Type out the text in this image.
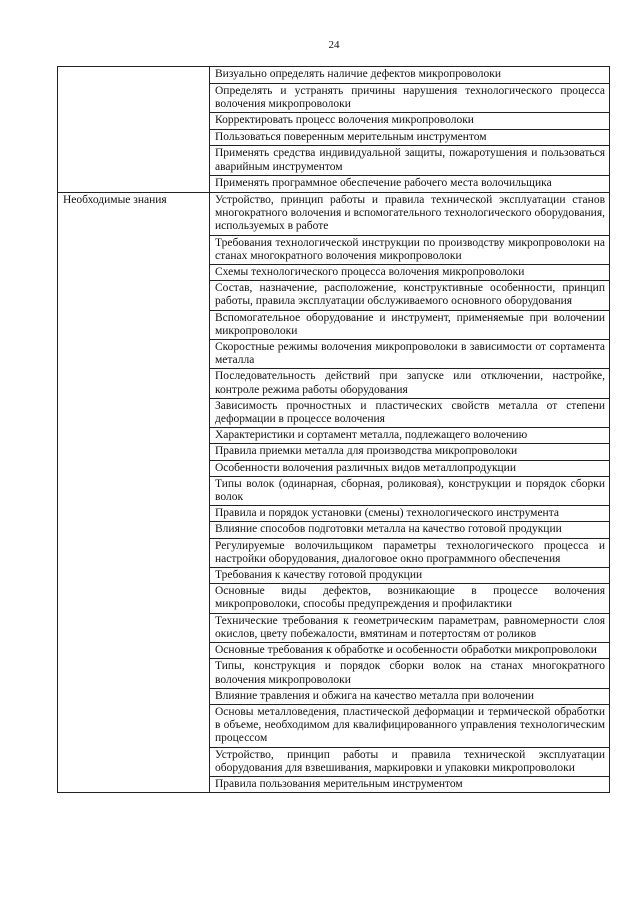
24
	Визуально определять наличие дефектов микропроволоки
	Определять и устранять причины нарушения технологического процесса волочения микропроволоки
	Корректировать процесс волочения микропроволоки
	Пользоваться поверенным мерительным инструментом
	Применять средства индивидуальной защиты, пожаротушения и пользоваться аварийным инструментом
	Применять программное обеспечение рабочего места волочильщика
Необходимые знания	Устройство, принцип работы и правила технической эксплуатации станов многократного волочения и вспомогательного технологического оборудования, используемых в работе
	Требования технологической инструкции по производству микропроволоки на станах многократного волочения микропроволоки
	Схемы технологического процесса волочения микропроволоки
	Состав, назначение, расположение, конструктивные особенности, принцип работы, правила эксплуатации обслуживаемого основного оборудования
	Вспомогательное оборудование и инструмент, применяемые при волочении микропроволоки
	Скоростные режимы волочения микропроволоки в зависимости от сортамента металла
	Последовательность действий при запуске или отключении, настройке, контроле режима работы оборудования
	Зависимость прочностных и пластических свойств металла от степени деформации в процессе волочения
	Характеристики и сортамент металла, подлежащего волочению
	Правила приемки металла для производства микропроволоки
	Особенности волочения различных видов металлопродукции
	Типы волок (одинарная, сборная, роликовая), конструкции и порядок сборки волок
	Правила и порядок установки (смены) технологического инструмента
	Влияние способов подготовки металла на качество готовой продукции
	Регулируемые волочильщиком параметры технологического процесса и настройки оборудования, диалоговое окно программного обеспечения
	Требования к качеству готовой продукции
	Основные виды дефектов, возникающие в процессе волочения микропроволоки, способы предупреждения и профилактики
	Технические требования к геометрическим параметрам, равномерности слоя окислов, цвету побежалости, вмятинам и потертостям от роликов
	Основные требования к обработке и особенности обработки микропроволоки
	Типы, конструкция и порядок сборки волок на станах многократного волочения микропроволоки
	Влияние травления и обжига на качество металла при волочении
	Основы металловедения, пластической деформации и термической обработки в объеме, необходимом для квалифицированного управления технологическим процессом
	Устройство, принцип работы и правила технической эксплуатации оборудования для взвешивания, маркировки и упаковки микропроволоки
	Правила пользования мерительным инструментом
